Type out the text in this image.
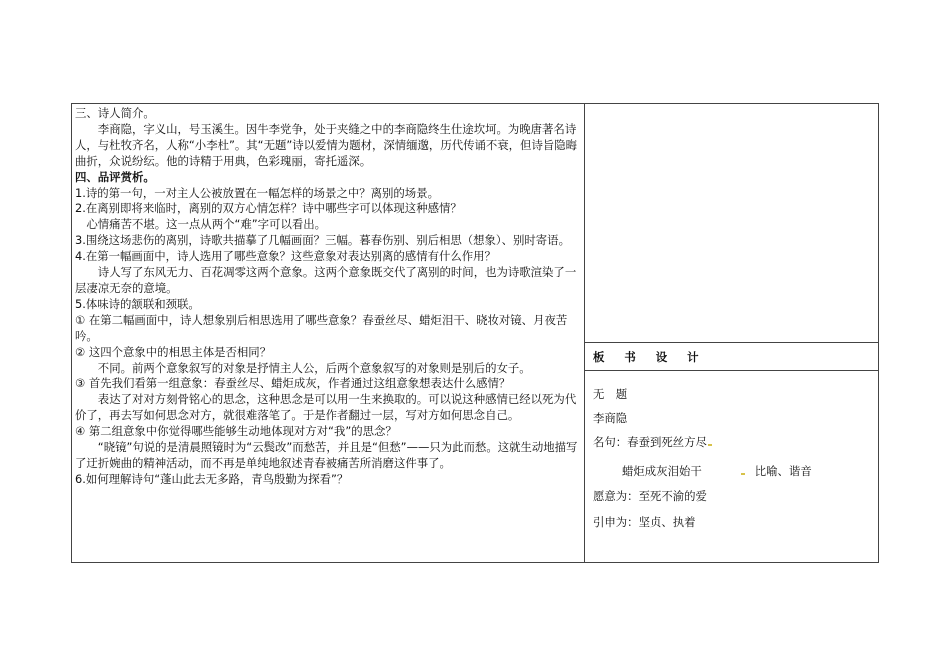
三、诗人简介。

李商隐，字义山，号玉溪生。因牛李党争，处于夹缝之中的李商隐终生仕途坎坷。为晚唐著名诗人，与杜牧齐名，人称“小李杜”。其“无题”诗以爱情为题材，深情缅邈，历代传诵不衰，但诗旨隐晦曲折，众说纷纭。他的诗精于用典，色彩瑰丽，寄托遥深。

四、品评赏析。

1.诗的第一句，一对主人公被放置在一幅怎样的场景之中？离别的场景。

2.在离别即将来临时，离别的双方心情怎样？诗中哪些字可以体现这种感情？

心情痛苦不堪。这一点从两个“难”字可以看出。

3.围绕这场悲伤的离别，诗歌共描摹了几幅画面？三幅。暮春伤别、别后相思（想象）、别时寄语。

4.在第一幅画面中，诗人选用了哪些意象？这些意象对表达别离的感情有什么作用？

诗人写了东风无力、百花凋零这两个意象。这两个意象既交代了离别的时间，也为诗歌渲染了一层凄凉无奈的意境。

5.体味诗的颔联和颈联。

① 在第二幅画面中，诗人想象别后相思选用了哪些意象？春蚕丝尽、蜡炬泪干、晓妆对镜、月夜苦吟。

② 这四个意象中的相思主体是否相同？

不同。前两个意象叙写的对象是抒情主人公，后两个意象叙写的对象则是别后的女子。

③ 首先我们看第一组意象：春蚕丝尽、蜡炬成灰，作者通过这组意象想表达什么感情？

表达了对对方刻骨铭心的思念，这种思念是可以用一生来换取的。可以说这种感情已经以死为代价了，再去写如何思念对方，就很难落笔了。于是作者翻过一层，写对方如何思念自己。

④ 第二组意象中你觉得哪些能够生动地体现对方对“我”的思念？

“晓镜”句说的是清晨照镜时为“云鬓改”而愁苦，并且是“但愁”——只为此而愁。这就生动地描写了迂折婉曲的精神活动，而不再是单纯地叙述青春被痛苦所消磨这件事了。

6.如何理解诗句“蓬山此去无多路，青鸟殷勤为探看”？

板 书 设 计
无　题
李商隐
名句：春蚕到死丝方尽
蜡炬成灰泪始干	比喻、谐音
愿意为：至死不渝的爱
引申为：坚贞、执着
